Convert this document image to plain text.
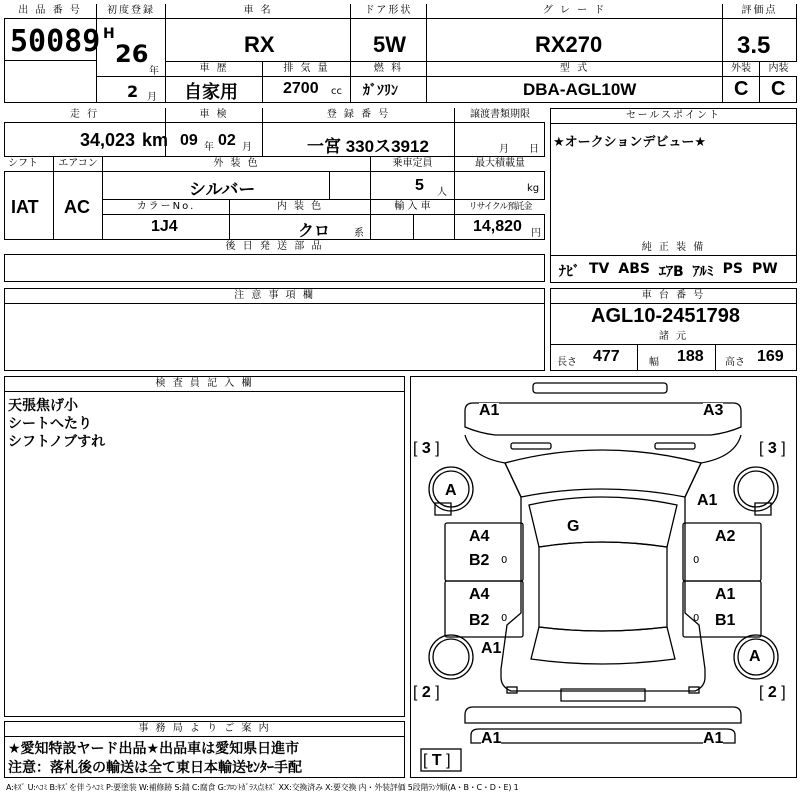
出 品 番 号
50089
初度登録
H
26
年
2 月
車 名
RX
ドア形状
5W
グ レ ー ド
RX270
評価点
3.5
車 歴
自家用
排 気 量
2700 cc
燃 料
ｶﾞｿﾘﾝ
型 式
DBA-AGL10W
外装
C
内装
C
走 行
34,023 km
車 検
09 年 02 月
登 録 番 号
一宮 330ス3912
譲渡書類期限
月 日
シフト
IAT
エアコン
AC
外 装 色
シルバー
乗車定員
5 人
最大積載量
kg
カラーNo.
1J4
内 装 色
クロ 系
輸 入 車	リサイクル預託金
14,820 円
後 日 発 送 部 品
セールスポイント
★オークションデビュー★
純 正 装 備
ﾅﾋﾞ TV ABS ｴｱB ｱﾙﾐ PS PW
注 意 事 項 欄	車 台 番 号
AGL10-2451798
諸 元
長さ 477	幅 188 高さ 169
検 査 員 記 入 欄
天張焦げ小
シートへたり
シフトノブすれ
事 務 局 よ り ご 案 内
★愛知特設ヤード出品★出品車は愛知県日進市
注意：落札後の輸送は全て東日本輸送ｾﾝﾀｰ手配
A1	A3
[ 3 ]	[ 3 ]
A
A1
G
A4
B2 0
A2
0
A4
B2 0
A1
B1
0
A1	A
[ 2 ]	[ 2 ]
A1	A1
[ T ]
A:ｷｽﾞ U:ﾍｺﾐ B:ｷｽﾞを伴うﾍｺﾐ P:要塗装 W:補修跡 S:錆 C:腐食 G:ﾌﾛﾝﾄｶﾞﾗｽ点ｷｽﾞ XX:交換済み X:要交換 内・外装評価 5段階ﾗﾝｸ順(A・B・C・D・E) 1
